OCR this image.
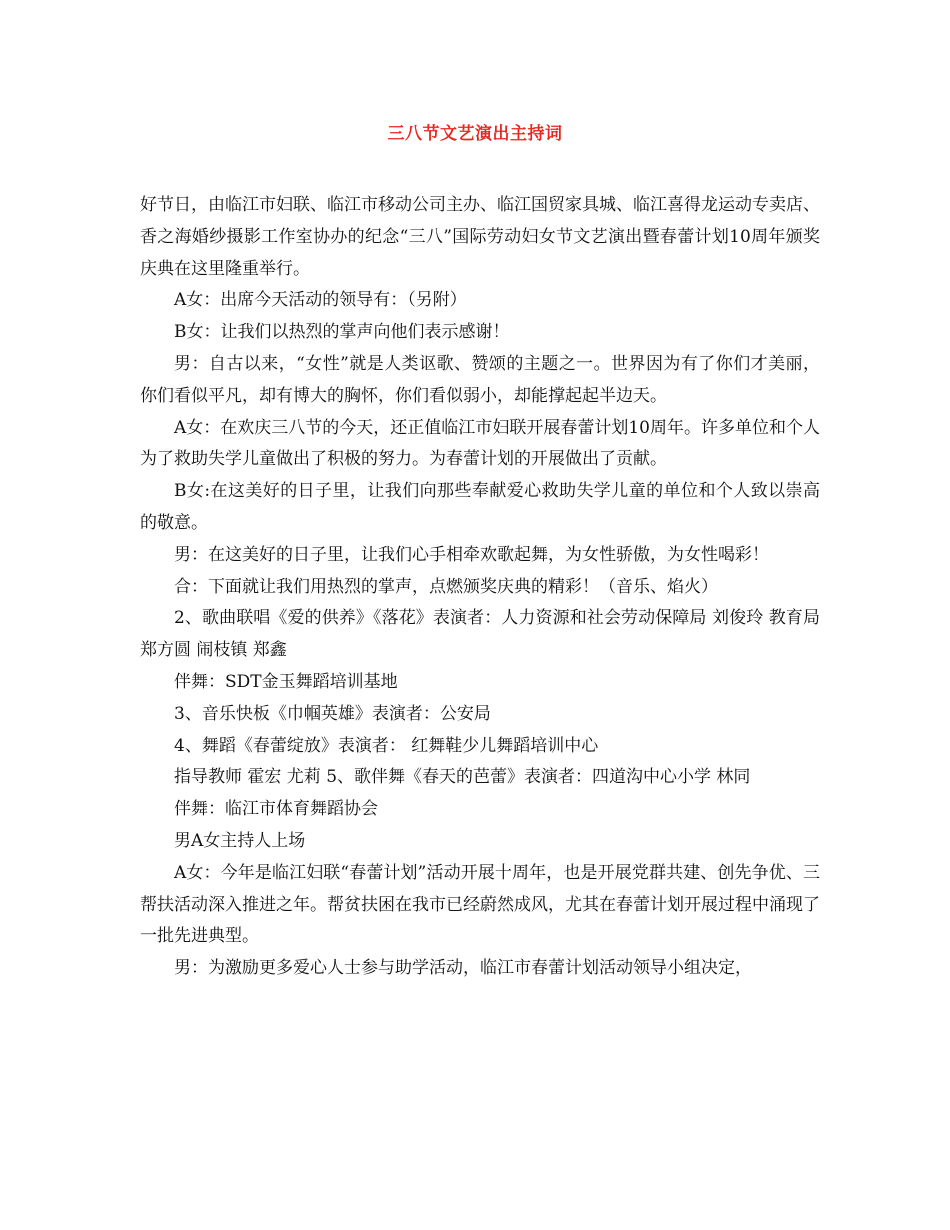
三八节文艺演出主持词

好节日，由临江市妇联、临江市移动公司主办、临江国贸家具城、临江喜得龙运动专卖店、香之海婚纱摄影工作室协办的纪念“三八”国际劳动妇女节文艺演出暨春蕾计划10周年颁奖庆典在这里隆重举行。

A女：出席今天活动的领导有：（另附）

B女：让我们以热烈的掌声向他们表示感谢！

男：自古以来，“女性”就是人类讴歌、赞颂的主题之一。世界因为有了你们才美丽，你们看似平凡，却有博大的胸怀，你们看似弱小，却能撑起起半边天。

A女：在欢庆三八节的今天，还正值临江市妇联开展春蕾计划10周年。许多单位和个人为了救助失学儿童做出了积极的努力。为春蕾计划的开展做出了贡献。

B女:在这美好的日子里，让我们向那些奉献爱心救助失学儿童的单位和个人致以崇高的敬意。

男：在这美好的日子里，让我们心手相牵欢歌起舞，为女性骄傲，为女性喝彩！

合：下面就让我们用热烈的掌声，点燃颁奖庆典的精彩！（音乐、焰火）

2、歌曲联唱《爱的供养》《落花》表演者：人力资源和社会劳动保障局 刘俊玲 教育局郑方圆 闹枝镇 郑鑫

伴舞：SDT金玉舞蹈培训基地

3、音乐快板《巾帼英雄》表演者：公安局

4、舞蹈《春蕾绽放》表演者： 红舞鞋少儿舞蹈培训中心

指导教师 霍宏 尤莉 5、歌伴舞《春天的芭蕾》表演者：四道沟中心小学 林同

伴舞：临江市体育舞蹈协会

男A女主持人上场

A女：今年是临江妇联“春蕾计划”活动开展十周年，也是开展党群共建、创先争优、三帮扶活动深入推进之年。帮贫扶困在我市已经蔚然成风，尤其在春蕾计划开展过程中涌现了一批先进典型。

男：为激励更多爱心人士参与助学活动，临江市春蕾计划活动领导小组决定，
